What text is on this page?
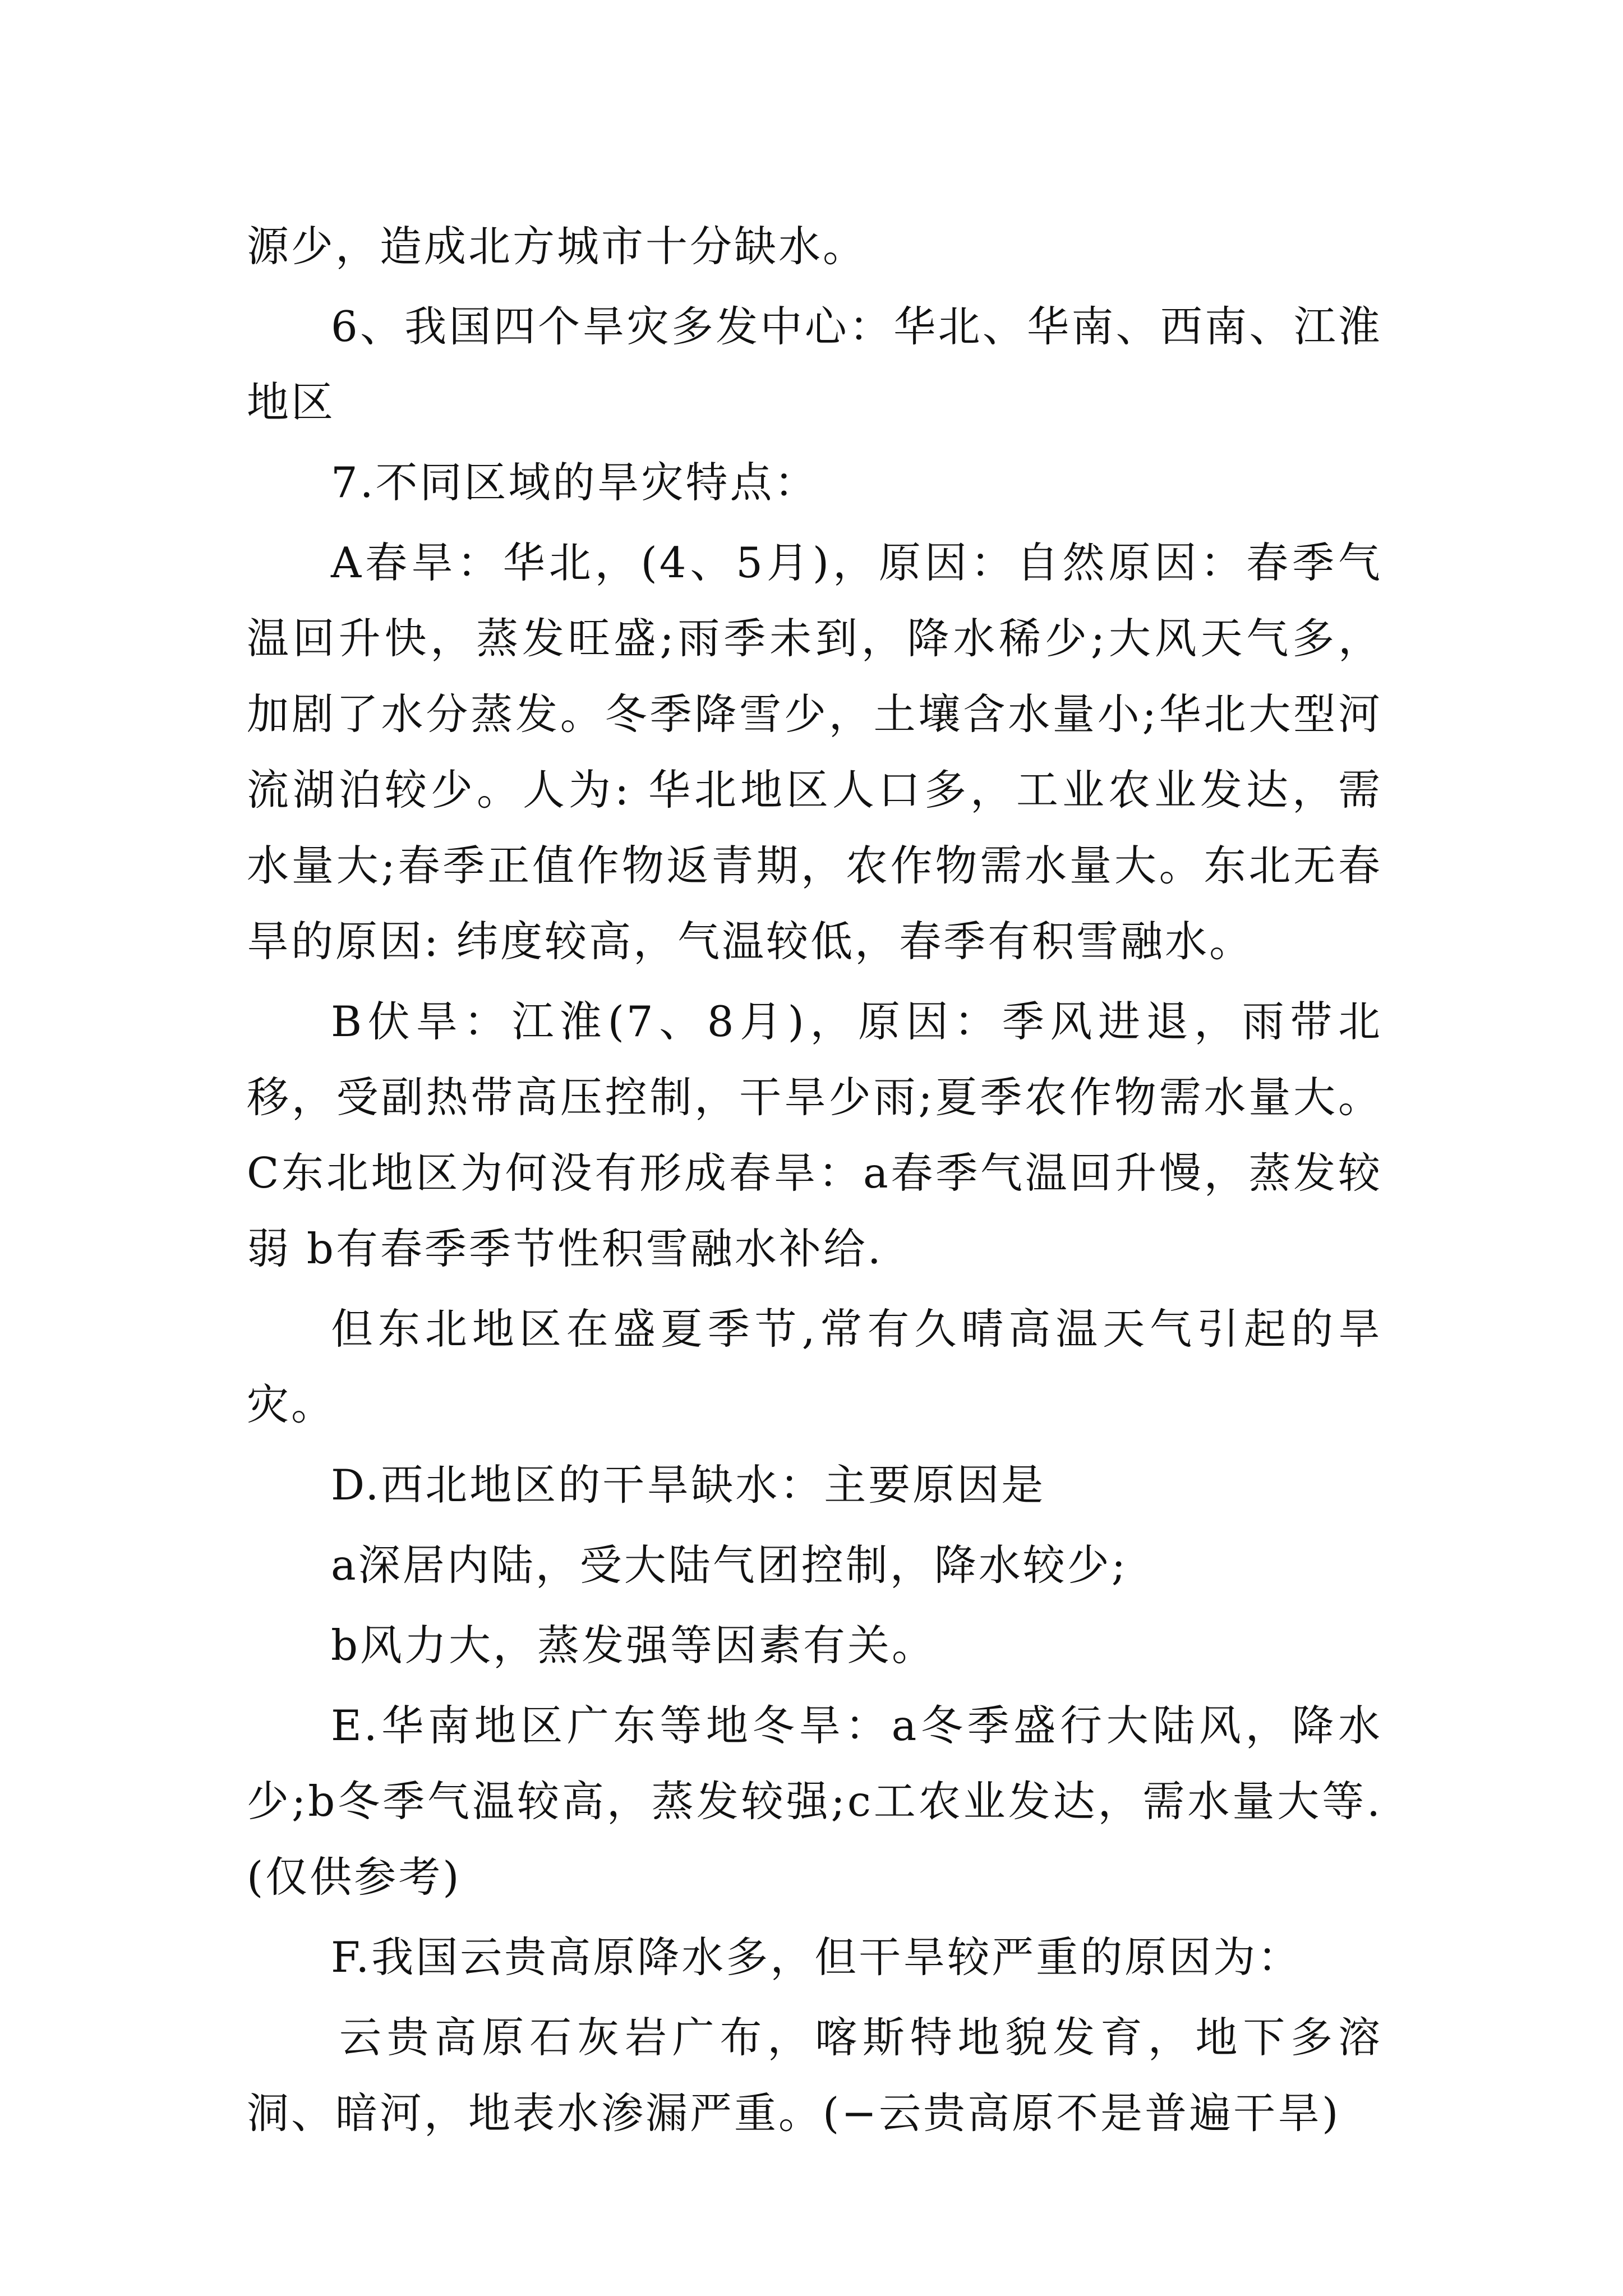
源少，造成北方城市十分缺水。

6、我国四个旱灾多发中心：华北、华南、西南、江淮地区

7.不同区域的旱灾特点：

A春旱：华北，(4、5月)，原因：自然原因：春季气温回升快，蒸发旺盛;雨季未到，降水稀少;大风天气多，加剧了水分蒸发。冬季降雪少，土壤含水量小;华北大型河流湖泊较少。人为: 华北地区人口多，工业农业发达，需水量大;春季正值作物返青期，农作物需水量大。东北无春旱的原因: 纬度较高，气温较低，春季有积雪融水。

B伏旱：江淮(7、8月)，原因：季风进退，雨带北移，受副热带高压控制，干旱少雨;夏季农作物需水量大。 C东北地区为何没有形成春旱：a春季气温回升慢，蒸发较弱 b有春季季节性积雪融水补给.

但东北地区在盛夏季节,常有久晴高温天气引起的旱灾。

D.西北地区的干旱缺水：主要原因是

a深居内陆，受大陆气团控制，降水较少;

b风力大，蒸发强等因素有关。

E.华南地区广东等地冬旱：a冬季盛行大陆风，降水少;b冬季气温较高，蒸发较强;c工农业发达，需水量大等.(仅供参考)

F.我国云贵高原降水多，但干旱较严重的原因为：

云贵高原石灰岩广布，喀斯特地貌发育，地下多溶洞、暗河，地表水渗漏严重。(−云贵高原不是普遍干旱)
